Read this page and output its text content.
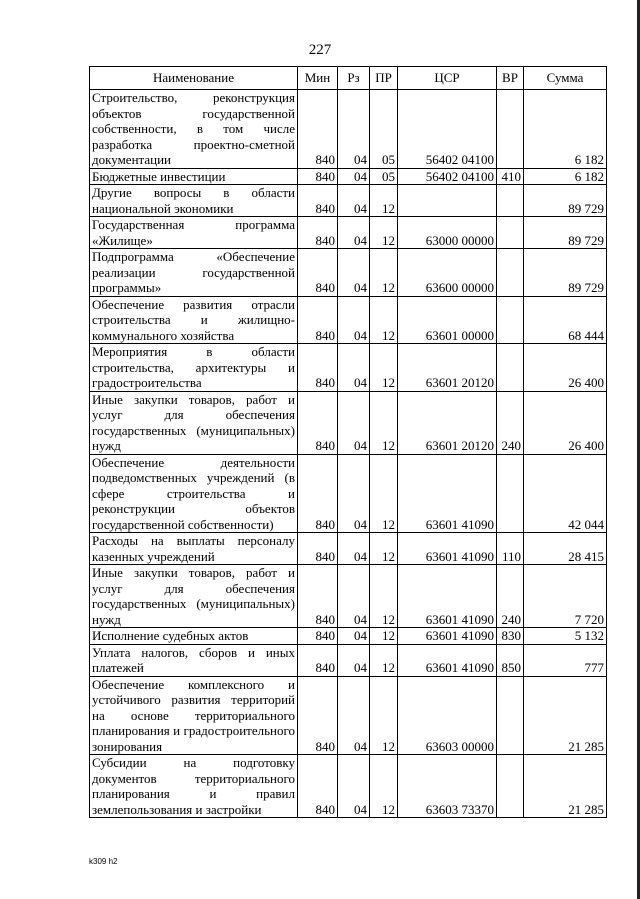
227
Наименование	Мин	Рз	ПР	ЦСР	ВР	Сумма
Строительство, реконструкция объектов государственной собственности, в том числе разработка проектно-сметной документации	840	04	05	56402 04100		6 182
Бюджетные инвестиции	840	04	05	56402 04100	410	6 182
Другие вопросы в области национальной экономики	840	04	12			89 729
Государственная программа «Жилище»	840	04	12	63000 00000		89 729
Подпрограмма «Обеспечение реализации государственной программы»	840	04	12	63600 00000		89 729
Обеспечение развития отрасли строительства и жилищно-коммунального хозяйства	840	04	12	63601 00000		68 444
Мероприятия в области строительства, архитектуры и градостроительства	840	04	12	63601 20120		26 400
Иные закупки товаров, работ и услуг для обеспечения государственных (муниципальных) нужд	840	04	12	63601 20120	240	26 400
Обеспечение деятельности подведомственных учреждений (в сфере строительства и реконструкции объектов государственной собственности)	840	04	12	63601 41090		42 044
Расходы на выплаты персоналу казенных учреждений	840	04	12	63601 41090	110	28 415
Иные закупки товаров, работ и услуг для обеспечения государственных (муниципальных) нужд	840	04	12	63601 41090	240	7 720
Исполнение судебных актов	840	04	12	63601 41090	830	5 132
Уплата налогов, сборов и иных платежей	840	04	12	63601 41090	850	777
Обеспечение комплексного и устойчивого развития территорий на основе территориального планирования и градостроительного зонирования	840	04	12	63603 00000		21 285
Субсидии на подготовку документов территориального планирования и правил землепользования и застройки	840	04	12	63603 73370		21 285
k309 h2
